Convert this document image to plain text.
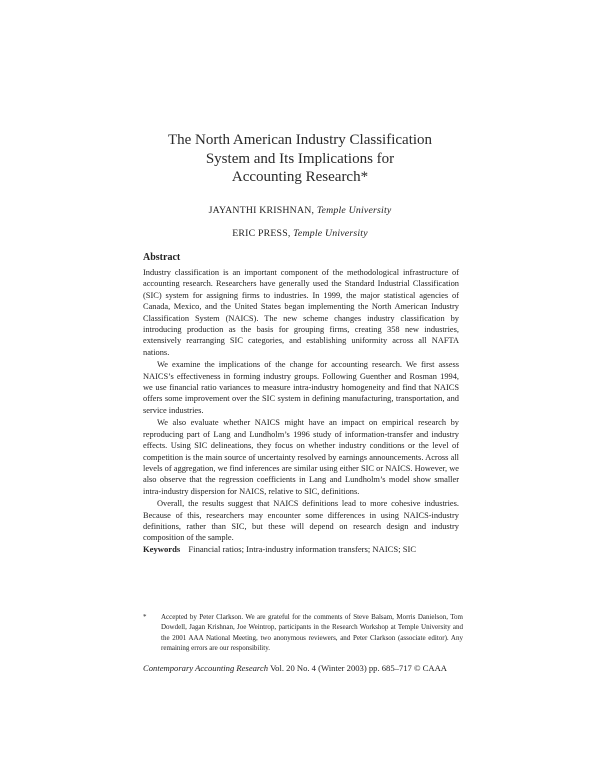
The North American Industry Classification
System and Its Implications for
Accounting Research*
JAYANTHI KRISHNAN, Temple University
ERIC PRESS, Temple University
Abstract

Industry classification is an important component of the methodological infrastructure of accounting research. Researchers have generally used the Standard Industrial Classification (SIC) system for assigning firms to industries. In 1999, the major statistical agencies of Canada, Mexico, and the United States began implementing the North American Industry Classification System (NAICS). The new scheme changes industry classification by introducing production as the basis for grouping firms, creating 358 new industries, extensively rearranging SIC categories, and establishing uniformity across all NAFTA nations.

We examine the implications of the change for accounting research. We first assess NAICS’s effectiveness in forming industry groups. Following Guenther and Rosman 1994, we use financial ratio variances to measure intra-industry homogeneity and find that NAICS offers some improvement over the SIC system in defining manufacturing, transportation, and service industries.

We also evaluate whether NAICS might have an impact on empirical research by reproducing part of Lang and Lundholm’s 1996 study of information-transfer and industry effects. Using SIC delineations, they focus on whether industry conditions or the level of competition is the main source of uncertainty resolved by earnings announcements. Across all levels of aggregation, we find inferences are similar using either SIC or NAICS. However, we also observe that the regression coefficients in Lang and Lundholm’s model show smaller intra-industry dispersion for NAICS, relative to SIC, definitions.

Overall, the results suggest that NAICS definitions lead to more cohesive industries. Because of this, researchers may encounter some differences in using NAICS-industry definitions, rather than SIC, but these will depend on research design and industry composition of the sample.

Keywords Financial ratios; Intra-industry information transfers; NAICS; SIC
* Accepted by Peter Clarkson. We are grateful for the comments of Steve Balsam, Morris Danielson, Tom Dowdell, Jagan Krishnan, Joe Weintrop, participants in the Research Workshop at Temple University and the 2001 AAA National Meeting, two anonymous reviewers, and Peter Clarkson (associate editor). Any remaining errors are our responsibility.
Contemporary Accounting Research Vol. 20 No. 4 (Winter 2003) pp. 685–717 © CAAA
